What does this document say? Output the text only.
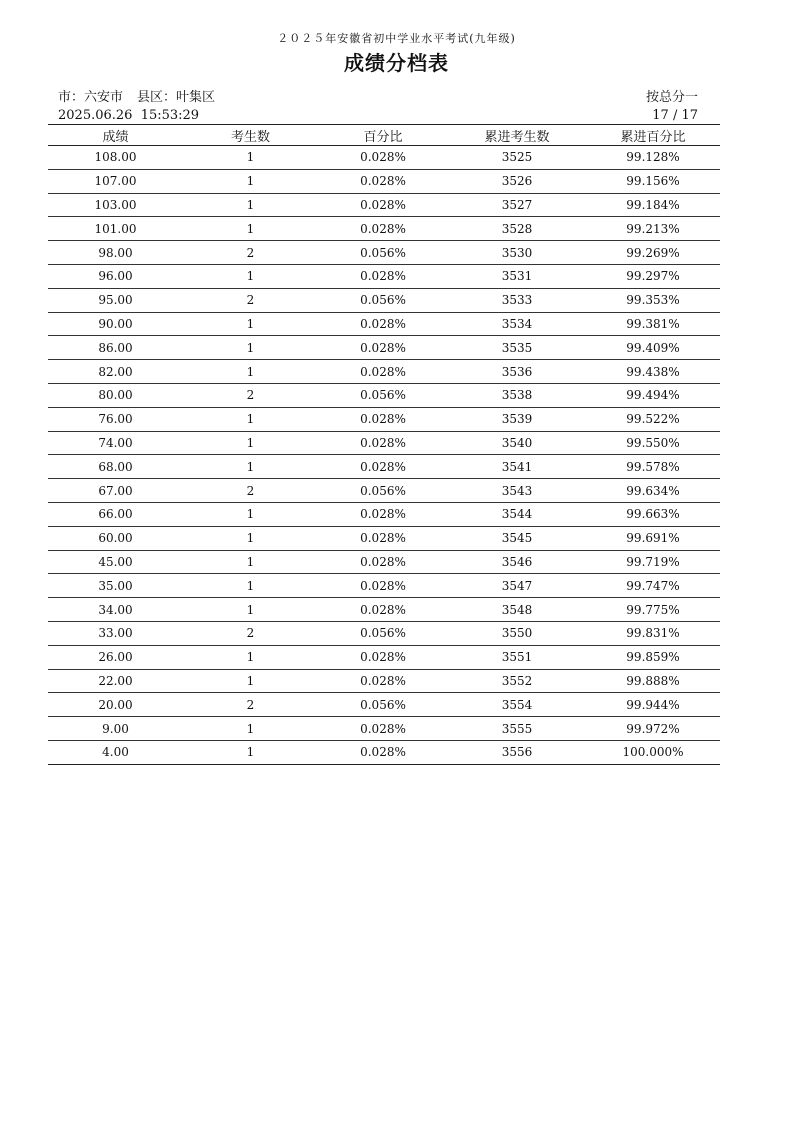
２０２５年安徽省初中学业水平考试(九年级)
成绩分档表
市：六安市 县区：叶集区	按总分一
2025.06.26  15:53:29	17 / 17
成绩	考生数	百分比	累进考生数	累进百分比
108.00	1	0.028%	3525	99.128%
107.00	1	0.028%	3526	99.156%
103.00	1	0.028%	3527	99.184%
101.00	1	0.028%	3528	99.213%
98.00	2	0.056%	3530	99.269%
96.00	1	0.028%	3531	99.297%
95.00	2	0.056%	3533	99.353%
90.00	1	0.028%	3534	99.381%
86.00	1	0.028%	3535	99.409%
82.00	1	0.028%	3536	99.438%
80.00	2	0.056%	3538	99.494%
76.00	1	0.028%	3539	99.522%
74.00	1	0.028%	3540	99.550%
68.00	1	0.028%	3541	99.578%
67.00	2	0.056%	3543	99.634%
66.00	1	0.028%	3544	99.663%
60.00	1	0.028%	3545	99.691%
45.00	1	0.028%	3546	99.719%
35.00	1	0.028%	3547	99.747%
34.00	1	0.028%	3548	99.775%
33.00	2	0.056%	3550	99.831%
26.00	1	0.028%	3551	99.859%
22.00	1	0.028%	3552	99.888%
20.00	2	0.056%	3554	99.944%
9.00	1	0.028%	3555	99.972%
4.00	1	0.028%	3556	100.000%
